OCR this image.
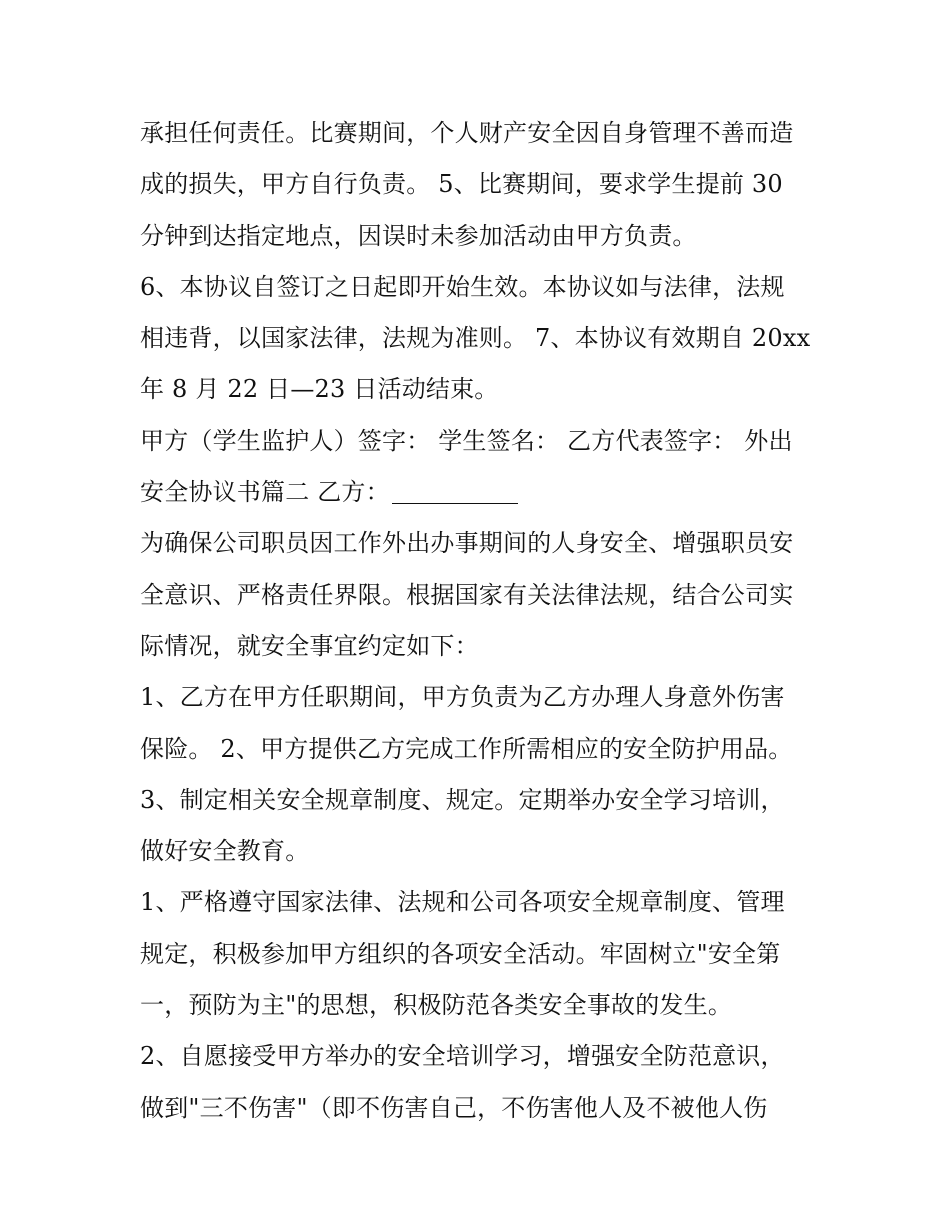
承担任何责任。比赛期间，个人财产安全因自身管理不善而造
成的损失，甲方自行负责。 5、比赛期间，要求学生提前 30
分钟到达指定地点，因误时未参加活动由甲方负责。
6、本协议自签订之日起即开始生效。本协议如与法律，法规
相违背，以国家法律，法规为准则。 7、本协议有效期自 20xx
年 8 月 22 日—23 日活动结束。
甲方（学生监护人）签字： 学生签名： 乙方代表签字： 外出
安全协议书篇二 乙方：
为确保公司职员因工作外出办事期间的人身安全、增强职员安
全意识、严格责任界限。根据国家有关法律法规，结合公司实
际情况，就安全事宜约定如下：
1、乙方在甲方任职期间，甲方负责为乙方办理人身意外伤害
保险。 2、甲方提供乙方完成工作所需相应的安全防护用品。
3、制定相关安全规章制度、规定。定期举办安全学习培训，
做好安全教育。
1、严格遵守国家法律、法规和公司各项安全规章制度、管理
规定，积极参加甲方组织的各项安全活动。牢固树立"安全第
一，预防为主"的思想，积极防范各类安全事故的发生。
2、自愿接受甲方举办的安全培训学习，增强安全防范意识，
做到"三不伤害"（即不伤害自己，不伤害他人及不被他人伤
